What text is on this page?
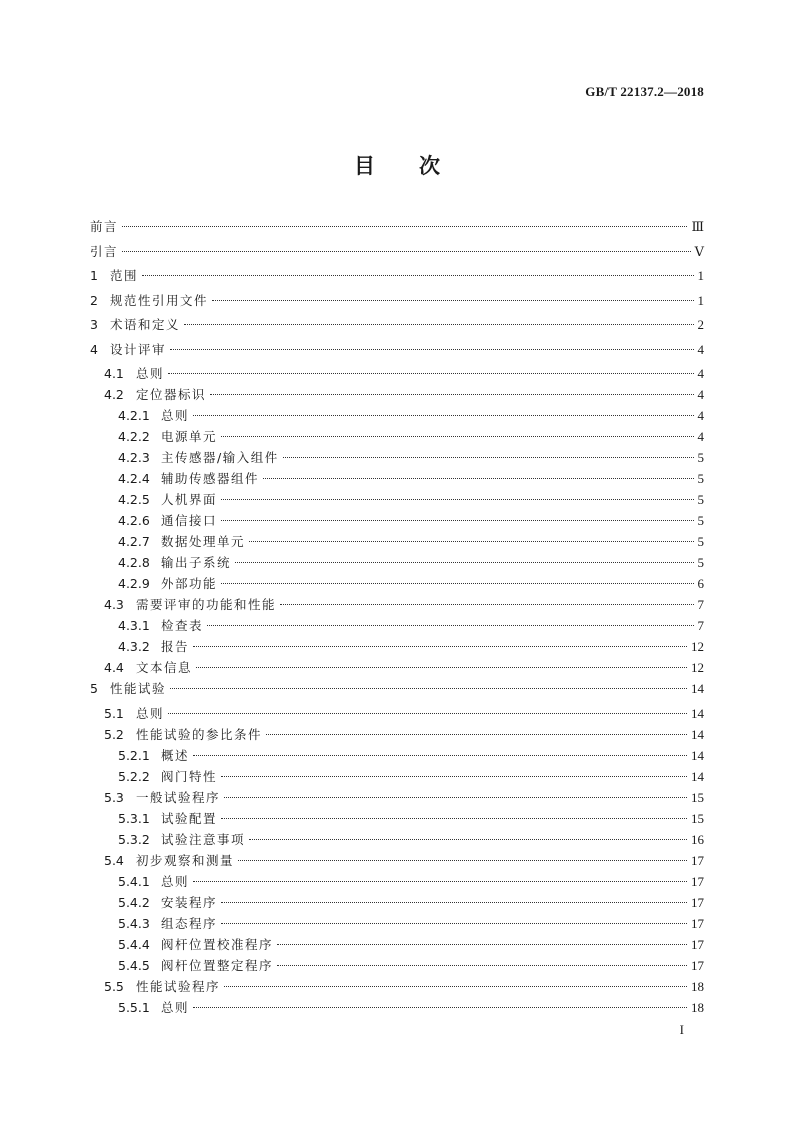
GB/T 22137.2—2018
目次
前言	Ⅲ
引言	Ⅴ
1 范围	1
2 规范性引用文件	1
3 术语和定义	2
4 设计评审	4
4.1 总则	4
4.2 定位器标识	4
4.2.1 总则	4
4.2.2 电源单元	4
4.2.3 主传感器/输入组件	5
4.2.4 辅助传感器组件	5
4.2.5 人机界面	5
4.2.6 通信接口	5
4.2.7 数据处理单元	5
4.2.8 输出子系统	5
4.2.9 外部功能	6
4.3 需要评审的功能和性能	7
4.3.1 检查表	7
4.3.2 报告	12
4.4 文本信息	12
5 性能试验	14
5.1 总则	14
5.2 性能试验的参比条件	14
5.2.1 概述	14
5.2.2 阀门特性	14
5.3 一般试验程序	15
5.3.1 试验配置	15
5.3.2 试验注意事项	16
5.4 初步观察和测量	17
5.4.1 总则	17
5.4.2 安装程序	17
5.4.3 组态程序	17
5.4.4 阀杆位置校准程序	17
5.4.5 阀杆位置整定程序	17
5.5 性能试验程序	18
5.5.1 总则	18
I
